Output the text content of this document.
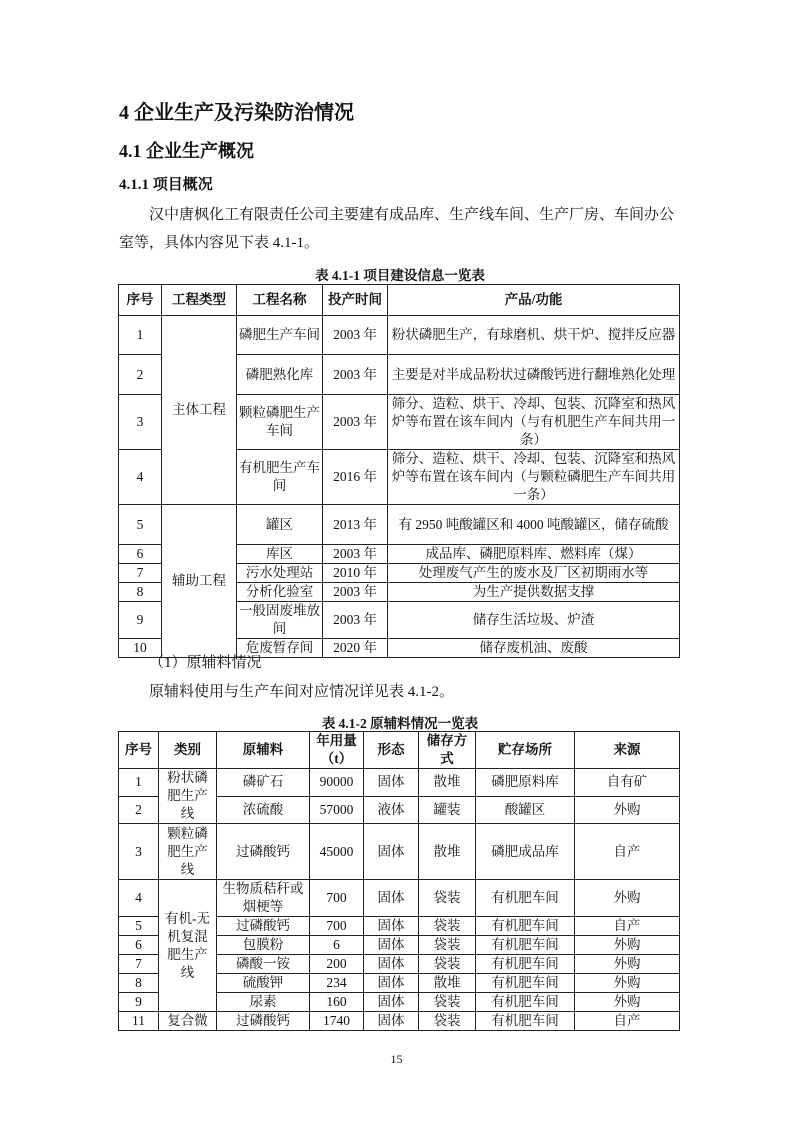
4 企业生产及污染防治情况
4.1 企业生产概况
4.1.1 项目概况
汉中唐枫化工有限责任公司主要建有成品库、生产线车间、生产厂房、车间办公室等，具体内容见下表 4.1-1。
表 4.1-1 项目建设信息一览表
序号	工程类型	工程名称	投产时间	产品/功能
1	主体工程	磷肥生产车间	2003 年	粉状磷肥生产，有球磨机、烘干炉、搅拌反应器
2		磷肥熟化库	2003 年	主要是对半成品粉状过磷酸钙进行翻堆熟化处理
3		颗粒磷肥生产车间	2003 年	筛分、造粒、烘干、冷却、包装、沉降室和热风炉等布置在该车间内（与有机肥生产车间共用一条）
4		有机肥生产车间	2016 年	筛分、造粒、烘干、冷却、包装、沉降室和热风炉等布置在该车间内（与颗粒磷肥生产车间共用一条）
5	辅助工程	罐区	2013 年	有 2950 吨酸罐区和 4000 吨酸罐区，储存硫酸
6		库区	2003 年	成品库、磷肥原料库、燃料库（煤）
7		污水处理站	2010 年	处理废气产生的废水及厂区初期雨水等
8		分析化验室	2003 年	为生产提供数据支撑
9		一般固废堆放间	2003 年	储存生活垃圾、炉渣
10		危废暂存间	2020 年	储存废机油、废酸
（1）原辅料情况
原辅料使用与生产车间对应情况详见表 4.1-2。
表 4.1-2 原辅料情况一览表
序号	类别	原辅料	年用量（t）	形态	储存方式	贮存场所	来源
1	粉状磷肥生产线	磷矿石	90000	固体	散堆	磷肥原料库	自有矿
2		浓硫酸	57000	液体	罐装	酸罐区	外购
3	颗粒磷肥生产线	过磷酸钙	45000	固体	散堆	磷肥成品库	自产
4	有机-无机复混肥生产线	生物质秸秆或烟梗等	700	固体	袋装	有机肥车间	外购
5		过磷酸钙	700	固体	袋装	有机肥车间	自产
6		包膜粉	6	固体	袋装	有机肥车间	外购
7		磷酸一铵	200	固体	袋装	有机肥车间	外购
8		硫酸钾	234	固体	散堆	有机肥车间	外购
9		尿素	160	固体	袋装	有机肥车间	外购
11	复合微	过磷酸钙	1740	固体	袋装	有机肥车间	自产
15
